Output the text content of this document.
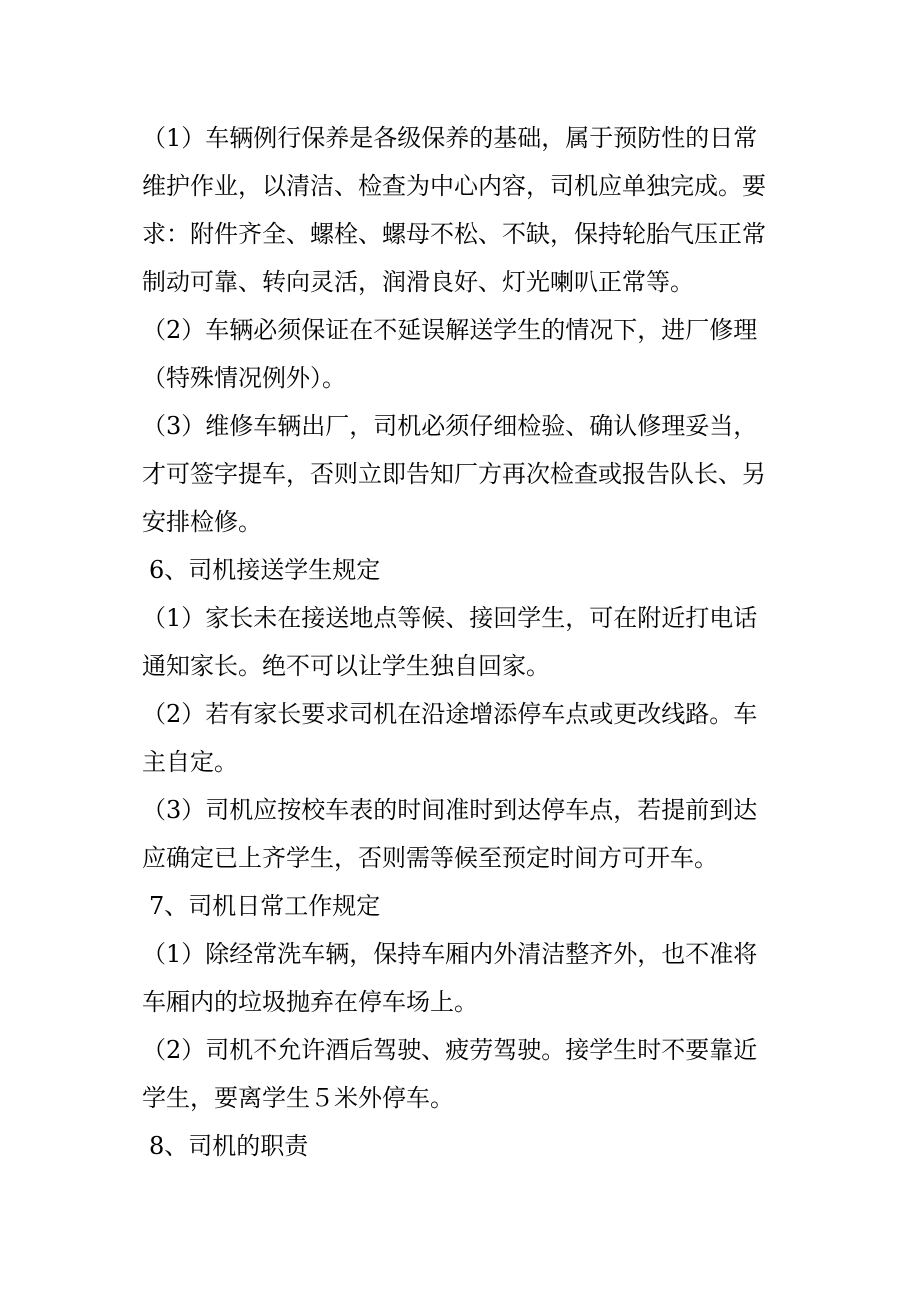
（1）车辆例行保养是各级保养的基础，属于预防性的日常
维护作业，以清洁、检查为中心内容，司机应单独完成。要
求：附件齐全、螺栓、螺母不松、不缺，保持轮胎气压正常
制动可靠、转向灵活，润滑良好、灯光喇叭正常等。

（2）车辆必须保证在不延误解送学生的情况下，进厂修理
（特殊情况例外）。

（3）维修车辆出厂，司机必须仔细检验、确认修理妥当，
才可签字提车，否则立即告知厂方再次检查或报告队长、另
安排检修。

6、司机接送学生规定

（1）家长未在接送地点等候、接回学生，可在附近打电话
通知家长。绝不可以让学生独自回家。

（2）若有家长要求司机在沿途增添停车点或更改线路。车
主自定。

（3）司机应按校车表的时间准时到达停车点，若提前到达
应确定已上齐学生，否则需等候至预定时间方可开车。

7、司机日常工作规定

（1）除经常洗车辆，保持车厢内外清洁整齐外，也不准将
车厢内的垃圾抛弃在停车场上。

（2）司机不允许酒后驾驶、疲劳驾驶。接学生时不要靠近
学生，要离学生５米外停车。

8、司机的职责
